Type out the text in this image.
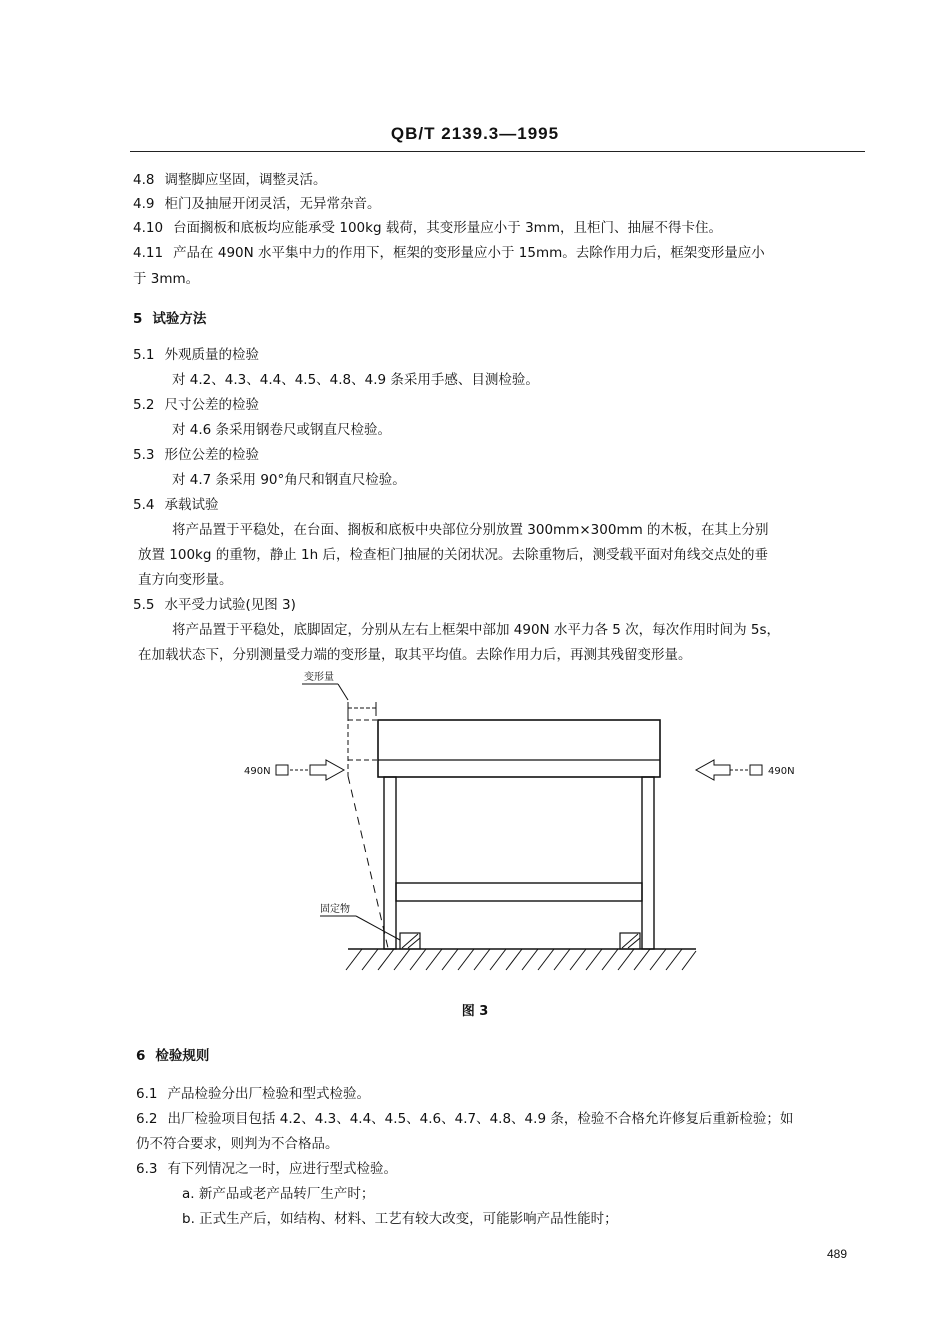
QB/T 2139.3—1995
4.8 调整脚应坚固，调整灵活。
4.9 柜门及抽屉开闭灵活，无异常杂音。
4.10 台面搁板和底板均应能承受 100kg 载荷，其变形量应小于 3mm，且柜门、抽屉不得卡住。
4.11 产品在 490N 水平集中力的作用下，框架的变形量应小于 15mm。去除作用力后，框架变形量应小
于 3mm。
5 试验方法
5.1 外观质量的检验
对 4.2、4.3、4.4、4.5、4.8、4.9 条采用手感、目测检验。
5.2 尺寸公差的检验
对 4.6 条采用钢卷尺或钢直尺检验。
5.3 形位公差的检验
对 4.7 条采用 90°角尺和钢直尺检验。
5.4 承载试验
将产品置于平稳处，在台面、搁板和底板中央部位分别放置 300mm×300mm 的木板，在其上分别
放置 100kg 的重物，静止 1h 后，检查柜门抽屉的关闭状况。去除重物后，测受载平面对角线交点处的垂
直方向变形量。
5.5 水平受力试验(见图 3)
将产品置于平稳处，底脚固定，分别从左右上框架中部加 490N 水平力各 5 次，每次作用时间为 5s，
在加载状态下，分别测量受力端的变形量，取其平均值。去除作用力后，再测其残留变形量。
变形量
490N	490N
固定物
图 3
6 检验规则
6.1 产品检验分出厂检验和型式检验。
6.2 出厂检验项目包括 4.2、4.3、4.4、4.5、4.6、4.7、4.8、4.9 条，检验不合格允许修复后重新检验；如
仍不符合要求，则判为不合格品。
6.3 有下列情况之一时，应进行型式检验。
a. 新产品或老产品转厂生产时；
b. 正式生产后，如结构、材料、工艺有较大改变，可能影响产品性能时；
489
